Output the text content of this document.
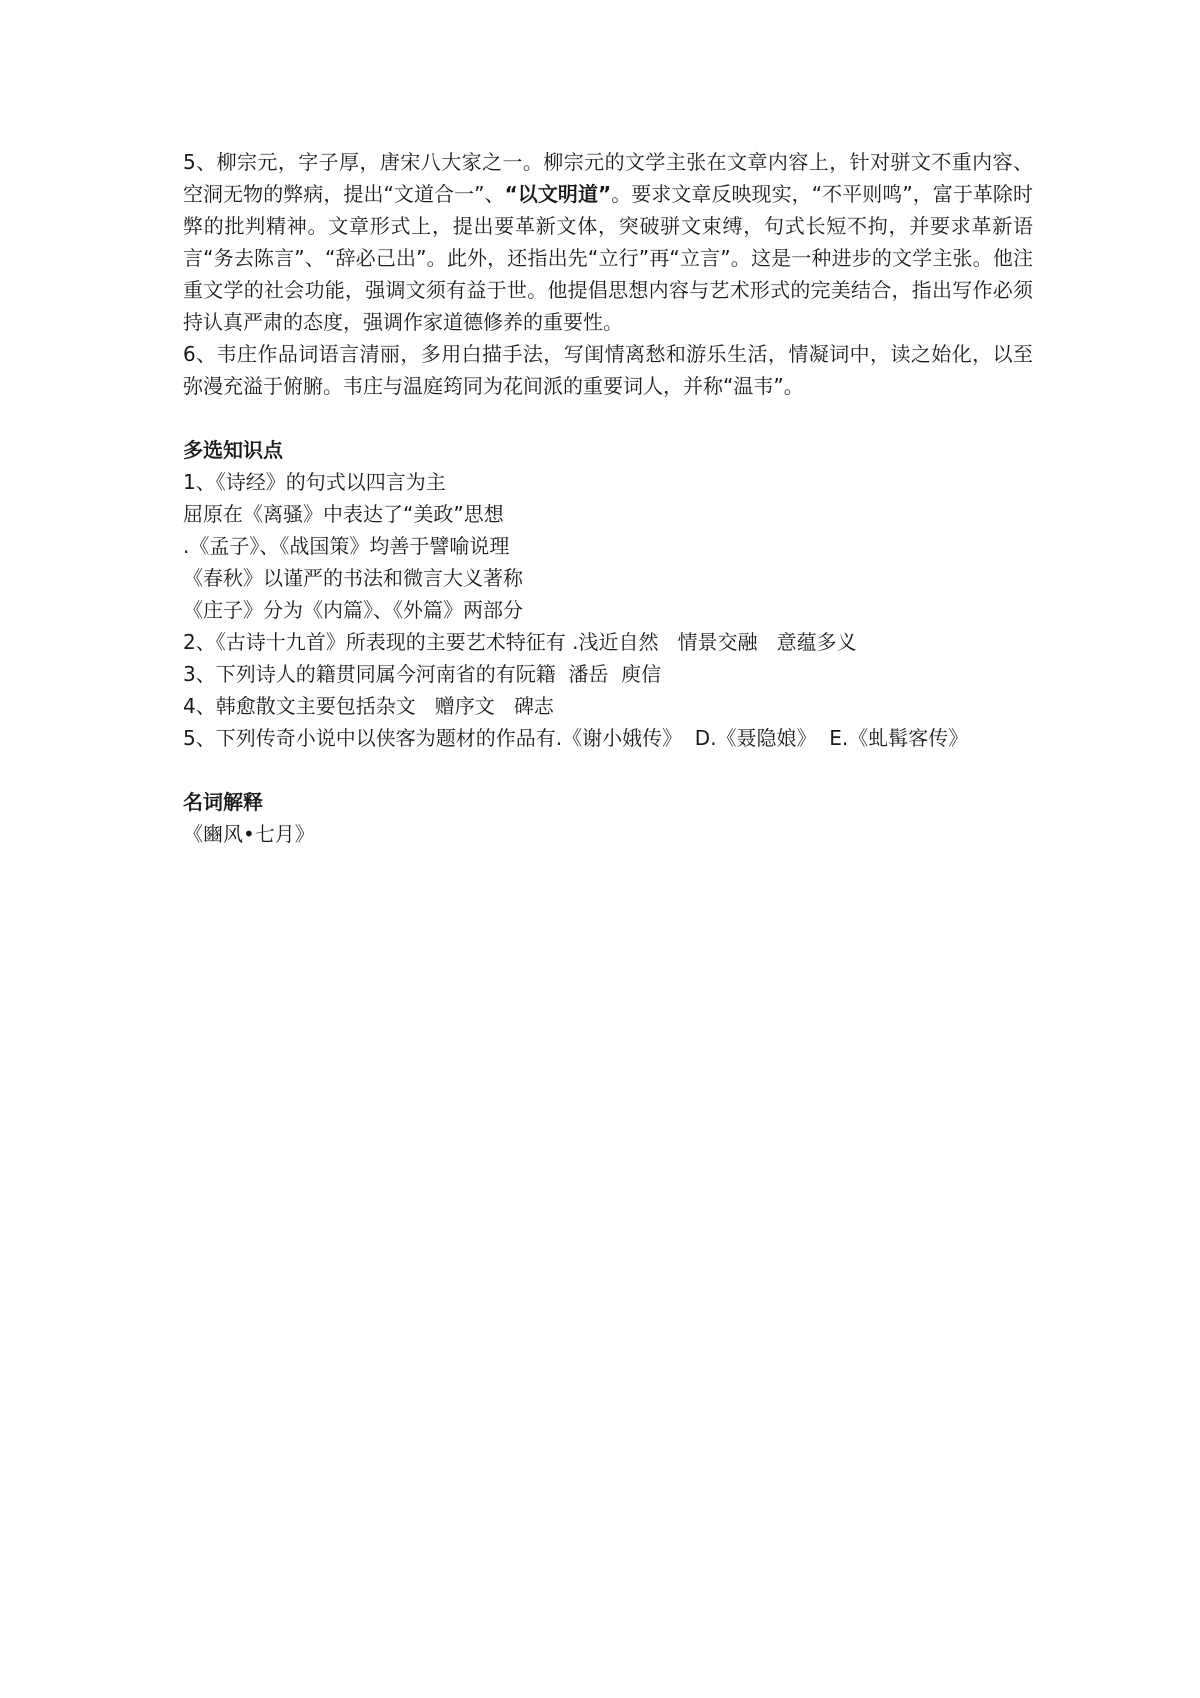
5、柳宗元，字子厚，唐宋八大家之一。柳宗元的文学主张在文章内容上，针对骈文不重内容、空洞无物的弊病，提出“文道合一”、“以文明道”。要求文章反映现实，“不平则鸣”，富于革除时弊的批判精神。文章形式上，提出要革新文体，突破骈文束缚，句式长短不拘，并要求革新语言“务去陈言”、“辞必己出”。此外，还指出先“立行”再“立言”。这是一种进步的文学主张。他注重文学的社会功能，强调文须有益于世。他提倡思想内容与艺术形式的完美结合，指出写作必须持认真严肃的态度，强调作家道德修养的重要性。

6、韦庄作品词语言清丽，多用白描手法，写闺情离愁和游乐生活，情凝词中，读之始化，以至弥漫充溢于俯腑。韦庄与温庭筠同为花间派的重要词人，并称“温韦”。

多选知识点

1、《诗经》的句式以四言为主

屈原在《离骚》中表达了“美政”思想

.《孟子》、《战国策》均善于譬喻说理

《春秋》以谨严的书法和微言大义著称

《庄子》分为《内篇》、《外篇》两部分

2、《古诗十九首》所表现的主要艺术特征有 .浅近自然   情景交融   意蕴多义

3、下列诗人的籍贯同属今河南省的有阮籍  潘岳  庾信

4、韩愈散文主要包括杂文   赠序文   碑志

5、下列传奇小说中以侠客为题材的作品有.《谢小娥传》  D.《聂隐娘》  E.《虬髯客传》

名词解释

《豳风•七月》
